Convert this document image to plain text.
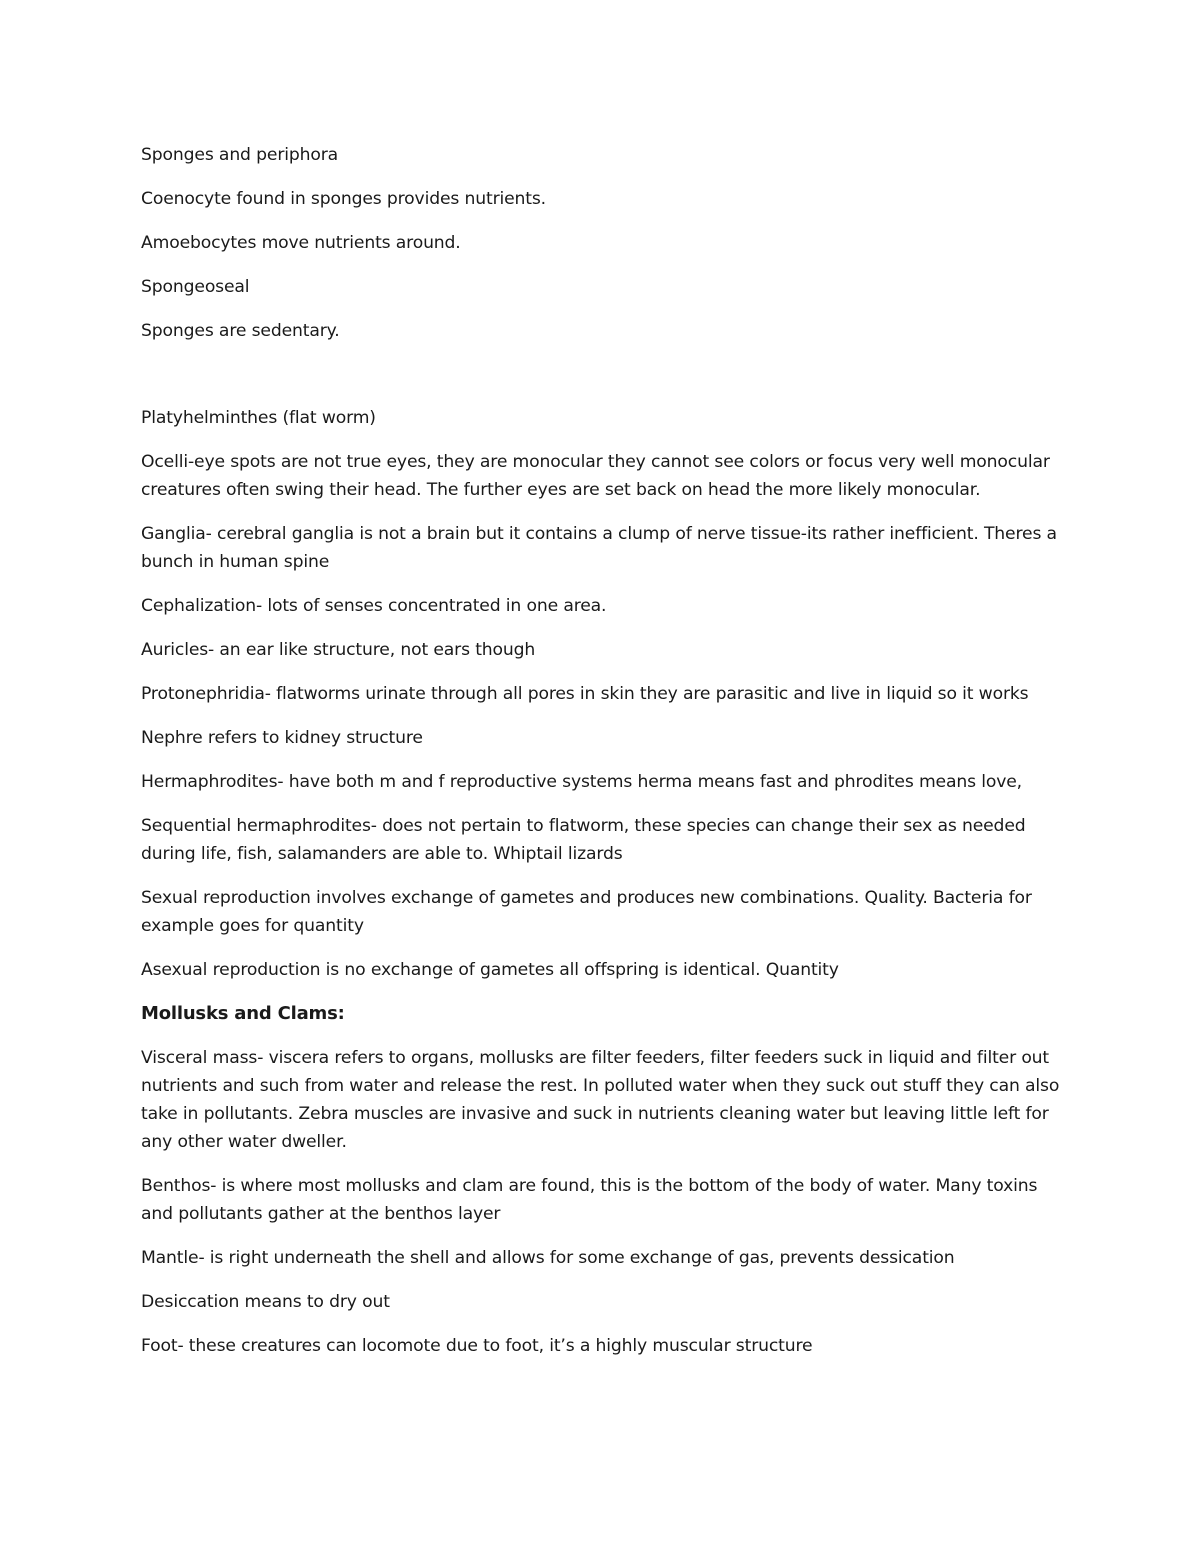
Sponges and periphora

Coenocyte found in sponges provides nutrients.

Amoebocytes move nutrients around.

Spongeoseal

Sponges are sedentary.

Platyhelminthes (flat worm)

Ocelli-eye spots are not true eyes, they are monocular they cannot see colors or focus very well monocular creatures often swing their head. The further eyes are set back on head the more likely monocular.

Ganglia- cerebral ganglia is not a brain but it contains a clump of nerve tissue-its rather inefficient. Theres a bunch in human spine

Cephalization- lots of senses concentrated in one area.

Auricles- an ear like structure, not ears though

Protonephridia- flatworms urinate through all pores in skin they are parasitic and live in liquid so it works

Nephre refers to kidney structure

Hermaphrodites- have both m and f reproductive systems herma means fast and phrodites means love,

Sequential hermaphrodites- does not pertain to flatworm, these species can change their sex as needed during life, fish, salamanders are able to. Whiptail lizards

Sexual reproduction involves exchange of gametes and produces new combinations. Quality. Bacteria for example goes for quantity

Asexual reproduction is no exchange of gametes all offspring is identical. Quantity

Mollusks and Clams:

Visceral mass- viscera refers to organs, mollusks are filter feeders, filter feeders suck in liquid and filter out nutrients and such from water and release the rest. In polluted water when they suck out stuff they can also take in pollutants. Zebra muscles are invasive and suck in nutrients cleaning water but leaving little left for any other water dweller.

Benthos- is where most mollusks and clam are found, this is the bottom of the body of water. Many toxins and pollutants gather at the benthos layer

Mantle- is right underneath the shell and allows for some exchange of gas, prevents dessication

Desiccation means to dry out

Foot- these creatures can locomote due to foot, it’s a highly muscular structure
